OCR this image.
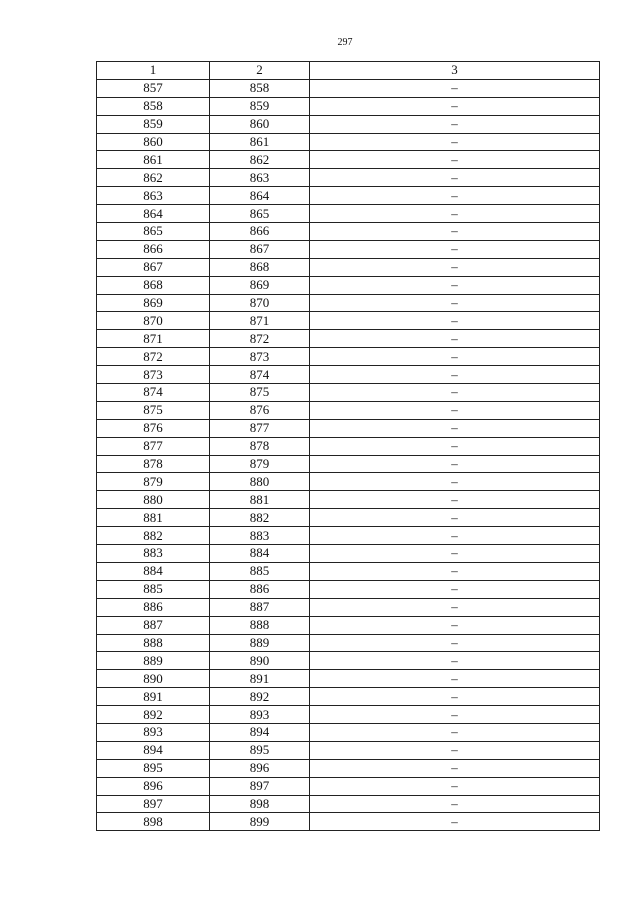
297
1	2	3
857	858	–
858	859	–
859	860	–
860	861	–
861	862	–
862	863	–
863	864	–
864	865	–
865	866	–
866	867	–
867	868	–
868	869	–
869	870	–
870	871	–
871	872	–
872	873	–
873	874	–
874	875	–
875	876	–
876	877	–
877	878	–
878	879	–
879	880	–
880	881	–
881	882	–
882	883	–
883	884	–
884	885	–
885	886	–
886	887	–
887	888	–
888	889	–
889	890	–
890	891	–
891	892	–
892	893	–
893	894	–
894	895	–
895	896	–
896	897	–
897	898	–
898	899	–
